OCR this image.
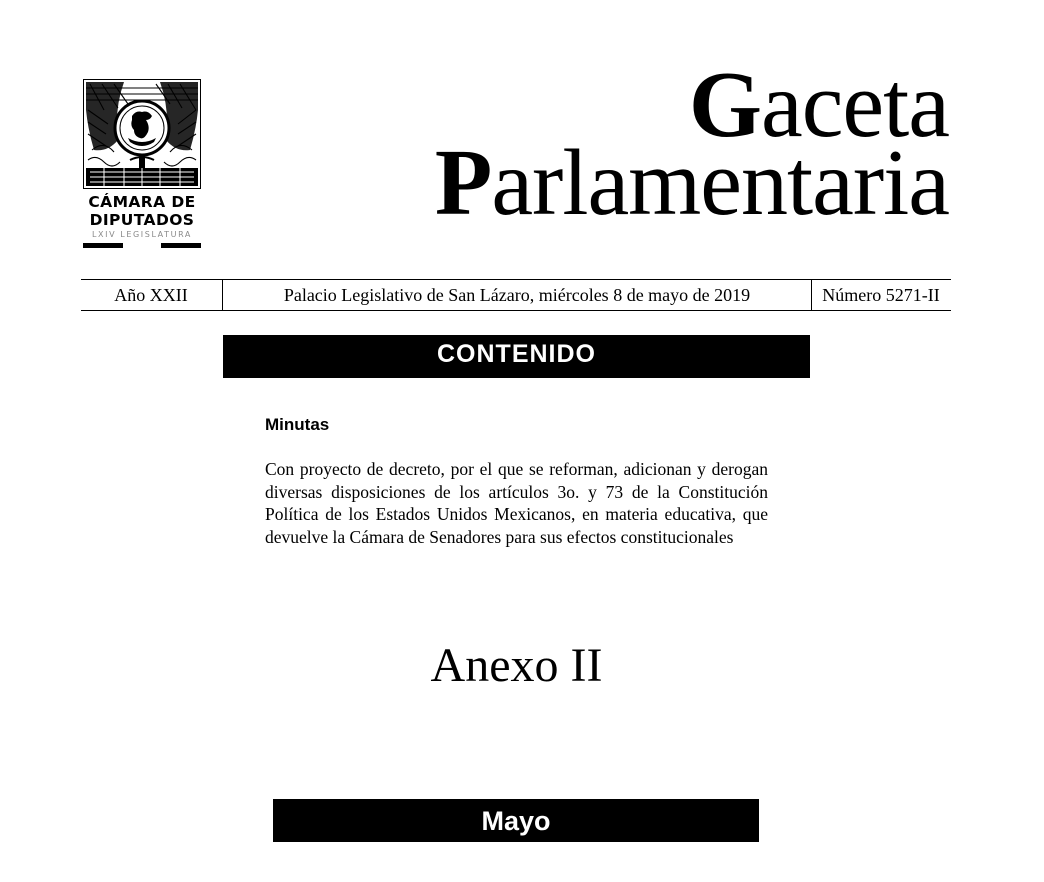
CÁMARA DE
DIPUTADOS
LXIV LEGISLATURA
Gaceta
Parlamentaria
Año XXII	Palacio Legislativo de San Lázaro, miércoles 8 de mayo de 2019	Número 5271-II
CONTENIDO
Minutas

Con proyecto de decreto, por el que se reforman, adicionan y derogan diversas disposiciones de los artículos 3o. y 73 de la Constitución Política de los Estados Unidos Mexicanos, en materia educativa, que devuelve la Cámara de Senadores para sus efectos constitucionales

Anexo II
Mayo
